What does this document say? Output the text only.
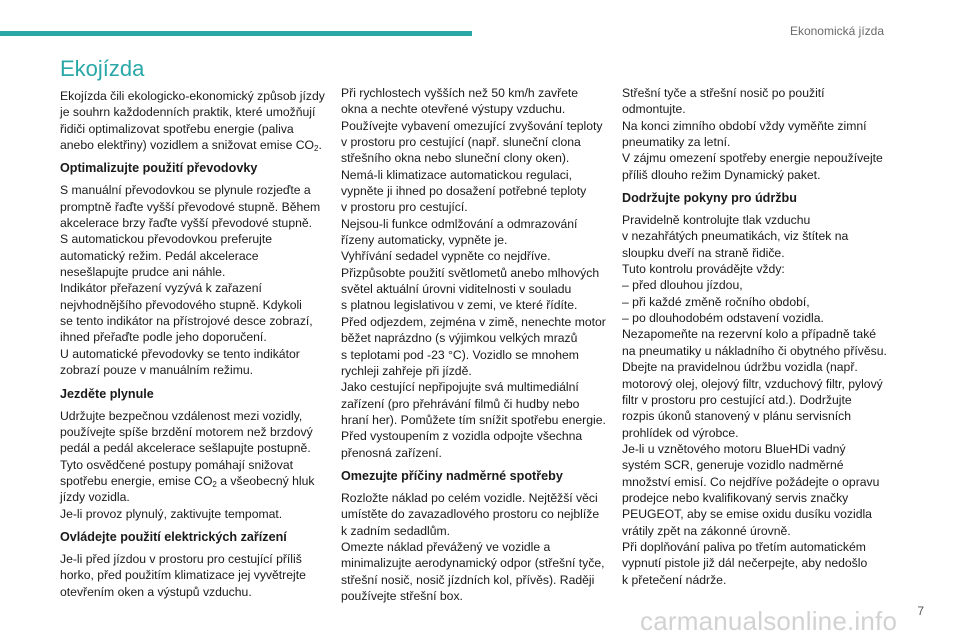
Ekonomická jízda
Ekojízda
Ekojízda čili ekologicko-ekonomický způsob jízdy
je souhrn každodenních praktik, které umožňují
řidiči optimalizovat spotřebu energie (paliva
anebo elektřiny) vozidlem a snižovat emise $CO_2$.
Optimalizujte použití převodovky
S manuální převodovkou se plynule rozjeďte a
promptně řaďte vyšší převodové stupně. Během
akcelerace brzy řaďte vyšší převodové stupně.
S automatickou převodovkou preferujte
automatický režim. Pedál akcelerace
nesešlapujte prudce ani náhle.
Indikátor přeřazení vyzývá k zařazení
nejvhodnějšího převodového stupně. Kdykoli
se tento indikátor na přístrojové desce zobrazí,
ihned přeřaďte podle jeho doporučení.
U automatické převodovky se tento indikátor
zobrazí pouze v manuálním režimu.
Jezděte plynule
Udržujte bezpečnou vzdálenost mezi vozidly,
používejte spíše brzdění motorem než brzdový
pedál a pedál akcelerace sešlapujte postupně.
Tyto osvědčené postupy pomáhají snižovat
spotřebu energie, emise $CO_2$ a všeobecný hluk
jízdy vozidla.
Je-li provoz plynulý, zaktivujte tempomat.
Ovládejte použití elektrických zařízení
Je-li před jízdou v prostoru pro cestující příliš
horko, před použitím klimatizace jej vyvětrejte
otevřením oken a výstupů vzduchu.
Při rychlostech vyšších než 50 km/h zavřete
okna a nechte otevřené výstupy vzduchu.
Používejte vybavení omezující zvyšování teploty
v prostoru pro cestující (např. sluneční clona
střešního okna nebo sluneční clony oken).
Nemá-li klimatizace automatickou regulaci,
vypněte ji ihned po dosažení potřebné teploty
v prostoru pro cestující.
Nejsou-li funkce odmlžování a odmrazování
řízeny automaticky, vypněte je.
Vyhřívání sedadel vypněte co nejdříve.
Přizpůsobte použití světlometů anebo mlhových
světel aktuální úrovni viditelnosti v souladu
s platnou legislativou v zemi, ve které řídíte.
Před odjezdem, zejména v zimě, nenechte motor
běžet naprázdno (s výjimkou velkých mrazů
s teplotami pod -23 °C). Vozidlo se mnohem
rychleji zahřeje při jízdě.
Jako cestující nepřipojujte svá multimediální
zařízení (pro přehrávání filmů či hudby nebo
hraní her). Pomůžete tím snížit spotřebu energie.
Před vystoupením z vozidla odpojte všechna
přenosná zařízení.
Omezujte příčiny nadměrné spotřeby
Rozložte náklad po celém vozidle. Nejtěžší věci
umístěte do zavazadlového prostoru co nejblíže
k zadním sedadlům.
Omezte náklad převážený ve vozidle a
minimalizujte aerodynamický odpor (střešní tyče,
střešní nosič, nosič jízdních kol, přívěs). Raději
používejte střešní box.
Střešní tyče a střešní nosič po použití
odmontujte.
Na konci zimního období vždy vyměňte zimní
pneumatiky za letní.
V zájmu omezení spotřeby energie nepoužívejte
příliš dlouho režim Dynamický paket.
Dodržujte pokyny pro údržbu
Pravidelně kontrolujte tlak vzduchu
v nezahřátých pneumatikách, viz štítek na
sloupku dveří na straně řidiče.
Tuto kontrolu provádějte vždy:
– před dlouhou jízdou,
– při každé změně ročního období,
– po dlouhodobém odstavení vozidla.
Nezapomeňte na rezervní kolo a případně také
na pneumatiky u nákladního či obytného přívěsu.
Dbejte na pravidelnou údržbu vozidla (např.
motorový olej, olejový filtr, vzduchový filtr, pylový
filtr v prostoru pro cestující atd.). Dodržujte
rozpis úkonů stanovený v plánu servisních
prohlídek od výrobce.
Je-li u vznětového motoru BlueHDi vadný
systém SCR, generuje vozidlo nadměrné
množství emisí. Co nejdříve požádejte o opravu
prodejce nebo kvalifikovaný servis značky
PEUGEOT, aby se emise oxidu dusíku vozidla
vrátily zpět na zákonné úrovně.
Při doplňování paliva po třetím automatickém
vypnutí pistole již dál nečerpejte, aby nedošlo
k přetečení nádrže.
carmanualsonline.info 7
